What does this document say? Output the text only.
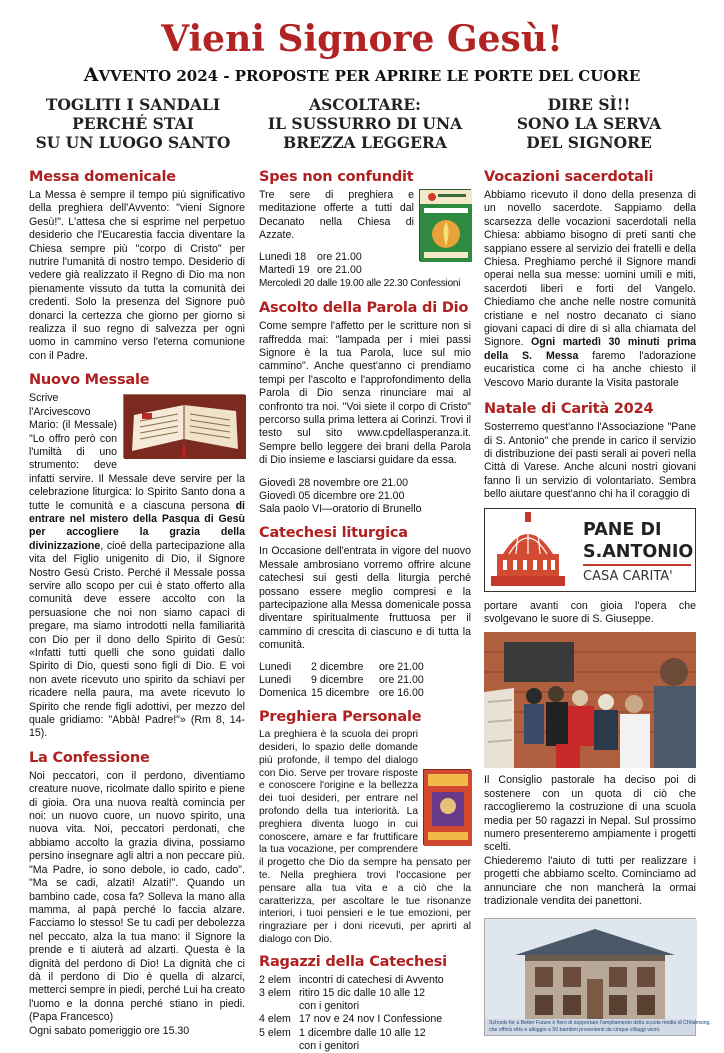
Vieni Signore Gesù!
AVVENTO 2024 - PROPOSTE PER APRIRE LE PORTE DEL CUORE
TOGLITI I SANDALI
PERCHÉ STAI
SU UN LUOGO SANTO
ASCOLTARE:
IL SUSSURRO DI UNA
BREZZA LEGGERA
DIRE SÌ!!
SONO LA SERVA
DEL SIGNORE
Messa domenicale
La Messa è sempre il tempo più significativo della preghiera dell'Avvento: "vieni Signore Gesù!". L'attesa che si esprime nel perpetuo desiderio che l'Eucarestia faccia diventare la Chiesa sempre più "corpo di Cristo" per nutrire l'umanità di nostro tempo. Desiderio di vedere già realizzato il Regno di Dio ma non pienamente vissuto da tutta la comunità dei credenti. Solo la presenza del Signore può donarci la certezza che giorno per giorno si realizza il suo regno di salvezza per ogni uomo in cammino verso l'eterna comunione con il Padre.
Nuovo Messale
Scrive l'Arcivescovo Mario: (il Messale) "Lo offro però con l'umiltà di uno strumento: deve infatti servire. Il Messale deve servire per la celebrazione liturgica: lo Spirito Santo dona a tutte le comunità e a ciascuna persona di entrare nel mistero della Pasqua di Gesù per accogliere la grazia della divinizzazione, cioè della partecipazione alla vita del Figlio unigenito di Dio, il Signore Nostro Gesù Cristo. Perché il Messale possa servire allo scopo per cui è stato offerto alla comunità deve essere accolto con la persuasione che noi non siamo capaci di pregare, ma siamo introdotti nella familiarità con Dio per il dono dello Spirito di Gesù: «Infatti tutti quelli che sono guidati dallo Spirito di Dio, questi sono figli di Dio. E voi non avete ricevuto uno spirito da schiavi per ricadere nella paura, ma avete ricevuto lo Spirito che rende figli adottivi, per mezzo del quale gridiamo: "Abbà! Padre!"» (Rm 8, 14-15).
La Confessione
Noi peccatori, con il perdono, diventiamo creature nuove, ricolmate dallo spirito e piene di gioia. Ora una nuova realtà comincia per noi: un nuovo cuore, un nuovo spirito, una nuova vita. Noi, peccatori perdonati, che abbiamo accolto la grazia divina, possiamo persino insegnare agli altri a non peccare più. "Ma Padre, io sono debole, io cado, cado". "Ma se cadi, alzati! Alzati!". Quando un bambino cade, cosa fa? Solleva la mano alla mamma, al papà perché lo faccia alzare. Facciamo lo stesso! Se tu cadi per debolezza nel peccato, alza la tua mano: il Signore la prende e ti aiuterà ad alzarti. Questa è la dignità del perdono di Dio! La dignità che ci dà il perdono di Dio è quella di alzarci, metterci sempre in piedi, perché Lui ha creato l'uomo e la donna perché stiano in piedi. (Papa Francesco)
Ogni sabato pomeriggio ore 15.30
Spes non confundit
Tre sere di preghiera e meditazione offerte a tutti dal Decanato nella Chiesa di Azzate.
Lunedì 18	ore 21.00
Martedì 19 ore 21.00
Mercoledì 20 dalle 19.00 alle 22.30 Confessioni
Ascolto della Parola di Dio
Come sempre l'affetto per le scritture non si raffredda mai: "lampada per i miei passi Signore è la tua Parola, luce sul mio cammino". Anche quest'anno ci prendiamo tempi per l'ascolto e l'approfondimento della Parola di Dio senza rinunciare mai al confronto tra noi. "Voi siete il corpo di Cristo" percorso sulla prima lettera ai Corinzi. Trovi il testo sul sito www.cpdellasperanza.it. Sempre bello leggere dei brani della Parola di Dio insieme e lasciarsi guidare da essa.
Giovedì 28 novembre ore 21.00
Giovedì 05 dicembre ore 21.00
Sala paolo VI—oratorio di Brunello
Catechesi liturgica
In Occasione dell'entrata in vigore del nuovo Messale ambrosiano vorremo offrire alcune catechesi sui gesti della liturgia perché possano essere meglio compresi e la partecipazione alla Messa domenicale possa diventare spiritualmente fruttuosa per il cammino di crescita di ciascuno e di tutta la comunità.
Lunedì	2 dicembre	ore 21.00
Lunedì	9 dicembre	ore 21.00
Domenica 15 dicembre ore 16.00
Preghiera Personale
La preghiera è la scuola dei propri desideri, lo spazio delle domande più profonde, il tempo del dialogo con Dio. Serve per trovare risposte e conoscere l'origine e la bellezza dei tuoi desideri, per entrare nel profondo della tua interiorità. La preghiera diventa luogo in cui conoscere, amare e far fruttificare la tua vocazione, per comprendere il progetto che Dio da sempre ha pensato per te. Nella preghiera trovi l'occasione per pensare alla tua vita e a ciò che la caratterizza, per ascoltare le tue risonanze interiori, i tuoi pensieri e le tue emozioni, per ringraziare per i doni ricevuti, per aprirti al dialogo con Dio.
Ragazzi della Catechesi
2 elem incontri di catechesi di Avvento
3 elem ritiro 15 dic dalle 10 alle 12
con i genitori
4 elem 17 nov e 24 nov I Confessione
5 elem 1 dicembre dalle 10 alle 12
con i genitori
Vocazioni sacerdotali
Abbiamo ricevuto il dono della presenza di un novello sacerdote. Sappiamo della scarsezza delle vocazioni sacerdotali nella Chiesa: abbiamo bisogno di preti santi che sappiano essere al servizio dei fratelli e della Chiesa. Preghiamo perché il Signore mandi operai nella sua messe: uomini umili e miti, sacerdoti liberi e forti del Vangelo. Chiediamo che anche nelle nostre comunità cristiane e nel nostro decanato ci siano giovani capaci di dire di sì alla chiamata del Signore. Ogni martedì 30 minuti prima della S. Messa faremo l'adorazione eucaristica come ci ha anche chiesto il Vescovo Mario durante la Visita pastorale
Natale di Carità 2024
Sosterremo quest'anno l'Associazione "Pane di S. Antonio" che prende in carico il servizio di distribuzione dei pasti serali ai poveri nella Città di Varese. Anche alcuni nostri giovani fanno lì un servizio di volontariato. Sembra bello aiutare quest'anno chi ha il coraggio di
PANE DI
S.ANTONIO
CASA CARITA'
portare avanti con gioia l'opera che svolgevano le suore di S. Giuseppe.
Il Consiglio pastorale ha deciso poi di sostenere con un quota di ciò che raccoglieremo la costruzione di una scuola media per 50 ragazzi in Nepal. Sul prossimo numero presenteremo ampiamente i progetti scelti.
Chiederemo l'aiuto di tutti per realizzare i progetti che abbiamo scelto. Cominciamo ad annunciare che non mancherà la ormai tradizionale vendita dei panettoni.
Schools for a Better Future è fiero di supportare l'ampliamento della scuola media di Chhamsing,
che offrirà vitto e alloggio a 50 bambini provenienti da cinque villaggi vicini.
